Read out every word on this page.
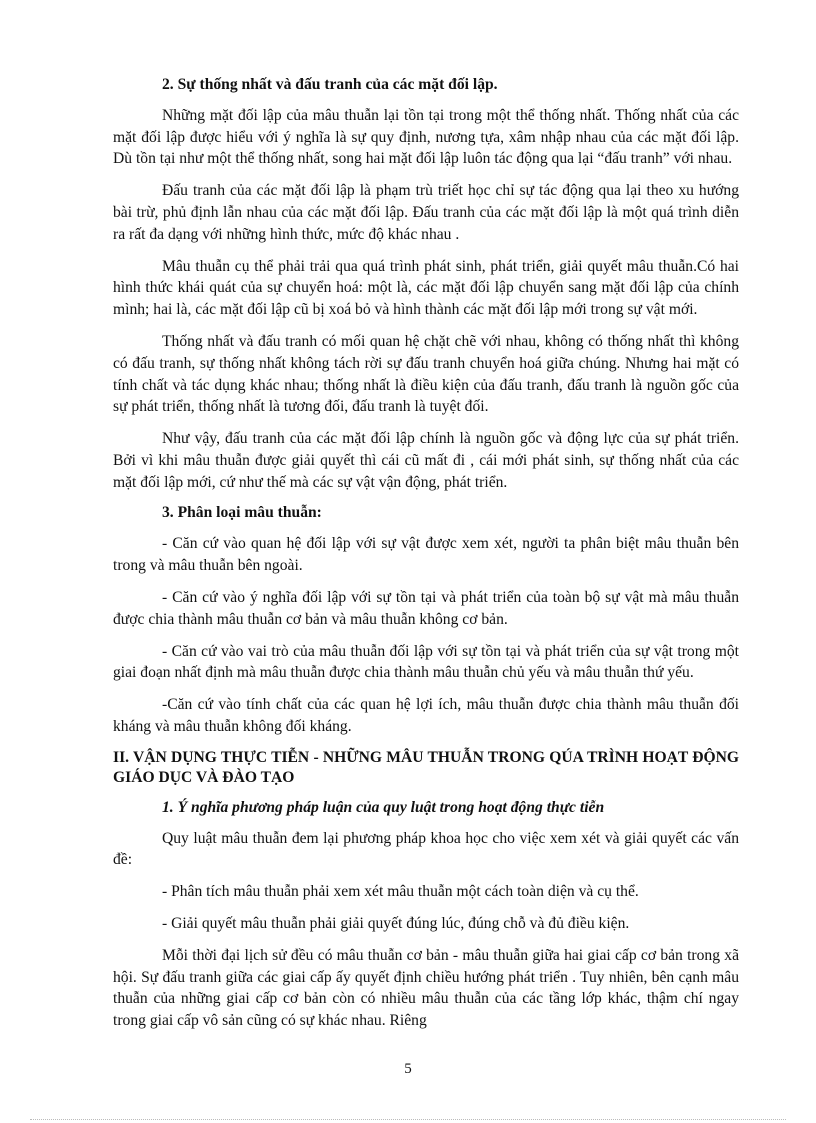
2. Sự thống nhất và đấu tranh của các mặt đối lập.

Những mặt đối lập của mâu thuẫn lại tồn tại trong một thể thống nhất. Thống nhất của các mặt đối lập được hiểu với ý nghĩa là sự quy định, nương tựa, xâm nhập nhau của các mặt đối lập. Dù tồn tại như một thể thống nhất, song hai mặt đối lập luôn tác động qua lại “đấu tranh” với nhau.

Đấu tranh của các mặt đối lập là phạm trù triết học chỉ sự tác động qua lại theo xu hướng bài trừ, phủ định lẫn nhau của các mặt đối lập. Đấu tranh của các mặt đối lập là một quá trình diễn ra rất đa dạng với những hình thức, mức độ khác nhau .

Mâu thuẫn cụ thể phải trải qua quá trình phát sinh, phát triển, giải quyết mâu thuẫn.Có hai hình thức khái quát của sự chuyển hoá: một là, các mặt đối lập chuyển sang mặt đối lập của chính mình; hai là, các mặt đối lập cũ bị xoá bỏ và hình thành các mặt đối lập mới trong sự vật mới.

Thống nhất và đấu tranh có mối quan hệ chặt chẽ với nhau, không có thống nhất thì không có đấu tranh, sự thống nhất không tách rời sự đấu tranh chuyển hoá giữa chúng. Nhưng hai mặt có tính chất và tác dụng khác nhau; thống nhất là điều kiện của đấu tranh, đấu tranh là nguồn gốc của sự phát triển, thống nhất là tương đối, đấu tranh là tuyệt đối.

Như vậy, đấu tranh của các mặt đối lập chính là nguồn gốc và động lực của sự phát triển. Bởi vì khi mâu thuẫn được giải quyết thì cái cũ mất đi , cái mới phát sinh, sự thống nhất của các mặt đối lập mới, cứ như thế mà các sự vật vận động, phát triển.

3. Phân loại mâu thuẫn:

- Căn cứ vào quan hệ đối lập với sự vật được xem xét, người ta phân biệt mâu thuẫn bên trong và mâu thuẫn bên ngoài.

- Căn cứ vào ý nghĩa đối lập với sự tồn tại và phát triển của toàn bộ sự vật mà mâu thuẫn được chia thành mâu thuẫn cơ bản và mâu thuẫn không cơ bản.

- Căn cứ vào vai trò của mâu thuẫn đối lập với sự tồn tại và phát triển của sự vật trong một giai đoạn nhất định mà mâu thuẫn được chia thành mâu thuẫn chủ yếu và mâu thuẫn thứ yếu.

-Căn cứ vào tính chất của các quan hệ lợi ích, mâu thuẫn được chia thành mâu thuẫn đối kháng và mâu thuẫn không đối kháng.

II. VẬN DỤNG THỰC TIỄN - NHỮNG MÂU THUẪN TRONG QÚA TRÌNH HOẠT ĐỘNG GIÁO DỤC VÀ ĐÀO TẠO
1. Ý nghĩa phương pháp luận của quy luật trong hoạt động thực tiễn

Quy luật mâu thuẫn đem lại phương pháp khoa học cho việc xem xét và giải quyết các vấn đề:

- Phân tích mâu thuẫn phải xem xét mâu thuẫn một cách toàn diện và cụ thể.

- Giải quyết mâu thuẫn phải giải quyết đúng lúc, đúng chỗ và đủ điều kiện.

Mỗi thời đại lịch sử đều có mâu thuẫn cơ bản - mâu thuẫn giữa hai giai cấp cơ bản trong xã hội. Sự đấu tranh giữa các giai cấp ấy quyết định chiều hướng phát triển . Tuy nhiên, bên cạnh mâu thuẫn của những giai cấp cơ bản còn có nhiều mâu thuẫn của các tầng lớp khác, thậm chí ngay trong giai cấp vô sản cũng có sự khác nhau. Riêng

5
